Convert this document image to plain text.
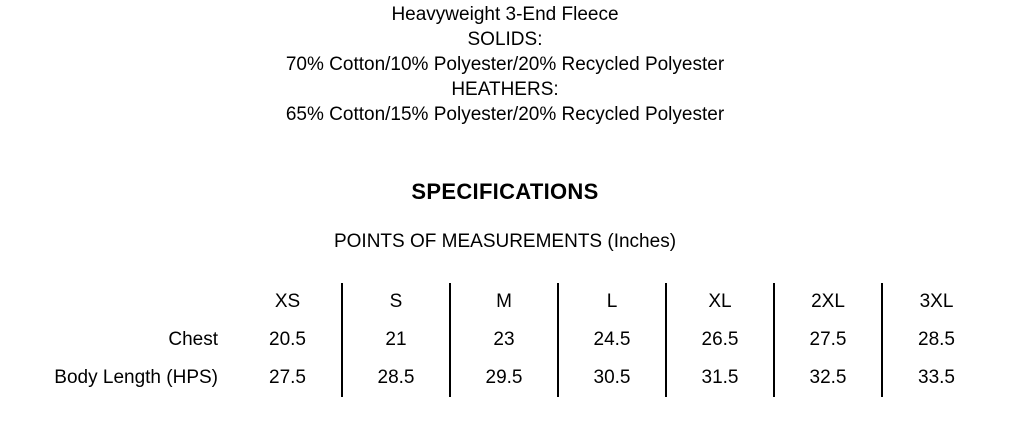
Heavyweight 3-End Fleece
SOLIDS:
70% Cotton/10% Polyester/20% Recycled Polyester
HEATHERS:
65% Cotton/15% Polyester/20% Recycled Polyester
SPECIFICATIONS
POINTS OF MEASUREMENTS (Inches)
	XS	S	M	L	XL	2XL	3XL
Chest	20.5	21	23	24.5	26.5	27.5	28.5
Body Length (HPS)	27.5	28.5	29.5	30.5	31.5	32.5	33.5
